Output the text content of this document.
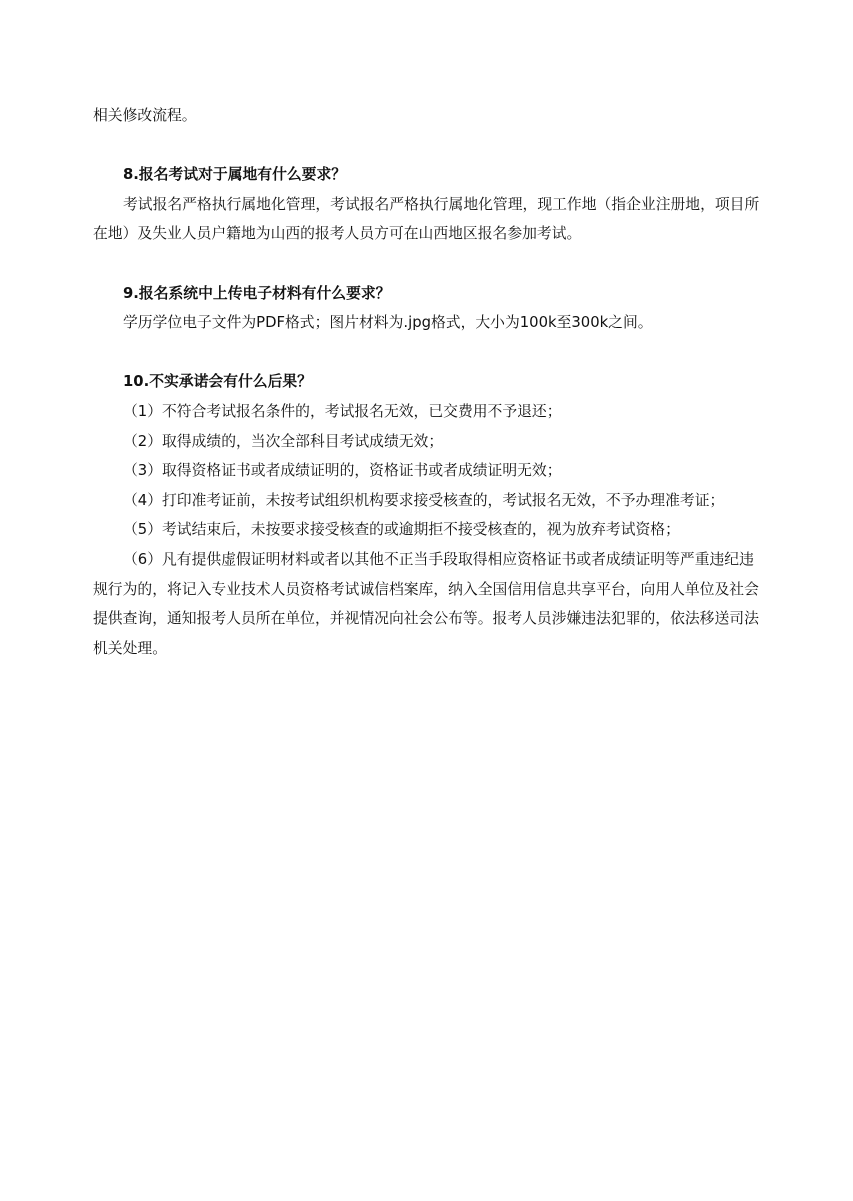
相关修改流程。

8.报名考试对于属地有什么要求？

考试报名严格执行属地化管理，考试报名严格执行属地化管理，现工作地（指企业注册地，项目所在地）及失业人员户籍地为山西的报考人员方可在山西地区报名参加考试。

9.报名系统中上传电子材料有什么要求？

学历学位电子文件为PDF格式；图片材料为.jpg格式，大小为100k至300k之间。

10.不实承诺会有什么后果？

（1）不符合考试报名条件的，考试报名无效，已交费用不予退还；

（2）取得成绩的，当次全部科目考试成绩无效；

（3）取得资格证书或者成绩证明的，资格证书或者成绩证明无效；

（4）打印准考证前，未按考试组织机构要求接受核查的，考试报名无效，不予办理准考证；

（5）考试结束后，未按要求接受核查的或逾期拒不接受核查的，视为放弃考试资格；

（6）凡有提供虚假证明材料或者以其他不正当手段取得相应资格证书或者成绩证明等严重违纪违规行为的，将记入专业技术人员资格考试诚信档案库，纳入全国信用信息共享平台，向用人单位及社会提供查询，通知报考人员所在单位，并视情况向社会公布等。报考人员涉嫌违法犯罪的，依法移送司法机关处理。
